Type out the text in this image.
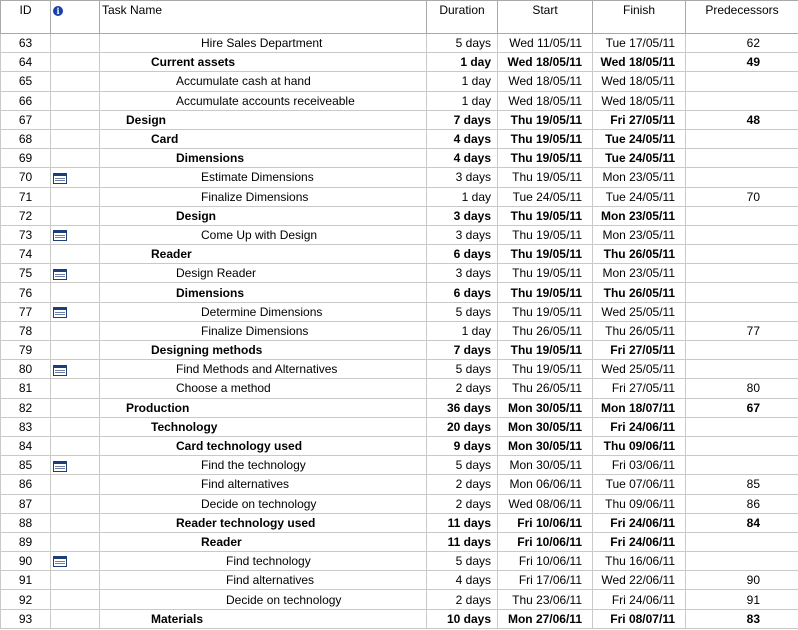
ID	i	Task Name	Duration	Start	Finish	Predecessors
63		Hire Sales Department	5 days	Wed 11/05/11	Tue 17/05/11	62
64		Current assets	1 day	Wed 18/05/11	Wed 18/05/11	49
65		Accumulate cash at hand	1 day	Wed 18/05/11	Wed 18/05/11	
66		Accumulate accounts receiveable	1 day	Wed 18/05/11	Wed 18/05/11	
67		Design	7 days	Thu 19/05/11	Fri 27/05/11	48
68		Card	4 days	Thu 19/05/11	Tue 24/05/11	
69		Dimensions	4 days	Thu 19/05/11	Tue 24/05/11	
70		Estimate Dimensions	3 days	Thu 19/05/11	Mon 23/05/11	
71		Finalize Dimensions	1 day	Tue 24/05/11	Tue 24/05/11	70
72		Design	3 days	Thu 19/05/11	Mon 23/05/11	
73		Come Up with Design	3 days	Thu 19/05/11	Mon 23/05/11	
74		Reader	6 days	Thu 19/05/11	Thu 26/05/11	
75		Design Reader	3 days	Thu 19/05/11	Mon 23/05/11	
76		Dimensions	6 days	Thu 19/05/11	Thu 26/05/11	
77		Determine Dimensions	5 days	Thu 19/05/11	Wed 25/05/11	
78		Finalize Dimensions	1 day	Thu 26/05/11	Thu 26/05/11	77
79		Designing methods	7 days	Thu 19/05/11	Fri 27/05/11	
80		Find Methods and Alternatives	5 days	Thu 19/05/11	Wed 25/05/11	
81		Choose a method	2 days	Thu 26/05/11	Fri 27/05/11	80
82		Production	36 days	Mon 30/05/11	Mon 18/07/11	67
83		Technology	20 days	Mon 30/05/11	Fri 24/06/11	
84		Card technology used	9 days	Mon 30/05/11	Thu 09/06/11	
85		Find the technology	5 days	Mon 30/05/11	Fri 03/06/11	
86		Find alternatives	2 days	Mon 06/06/11	Tue 07/06/11	85
87		Decide on technology	2 days	Wed 08/06/11	Thu 09/06/11	86
88		Reader technology used	11 days	Fri 10/06/11	Fri 24/06/11	84
89		Reader	11 days	Fri 10/06/11	Fri 24/06/11	
90		Find technology	5 days	Fri 10/06/11	Thu 16/06/11	
91		Find alternatives	4 days	Fri 17/06/11	Wed 22/06/11	90
92		Decide on technology	2 days	Thu 23/06/11	Fri 24/06/11	91
93		Materials	10 days	Mon 27/06/11	Fri 08/07/11	83
